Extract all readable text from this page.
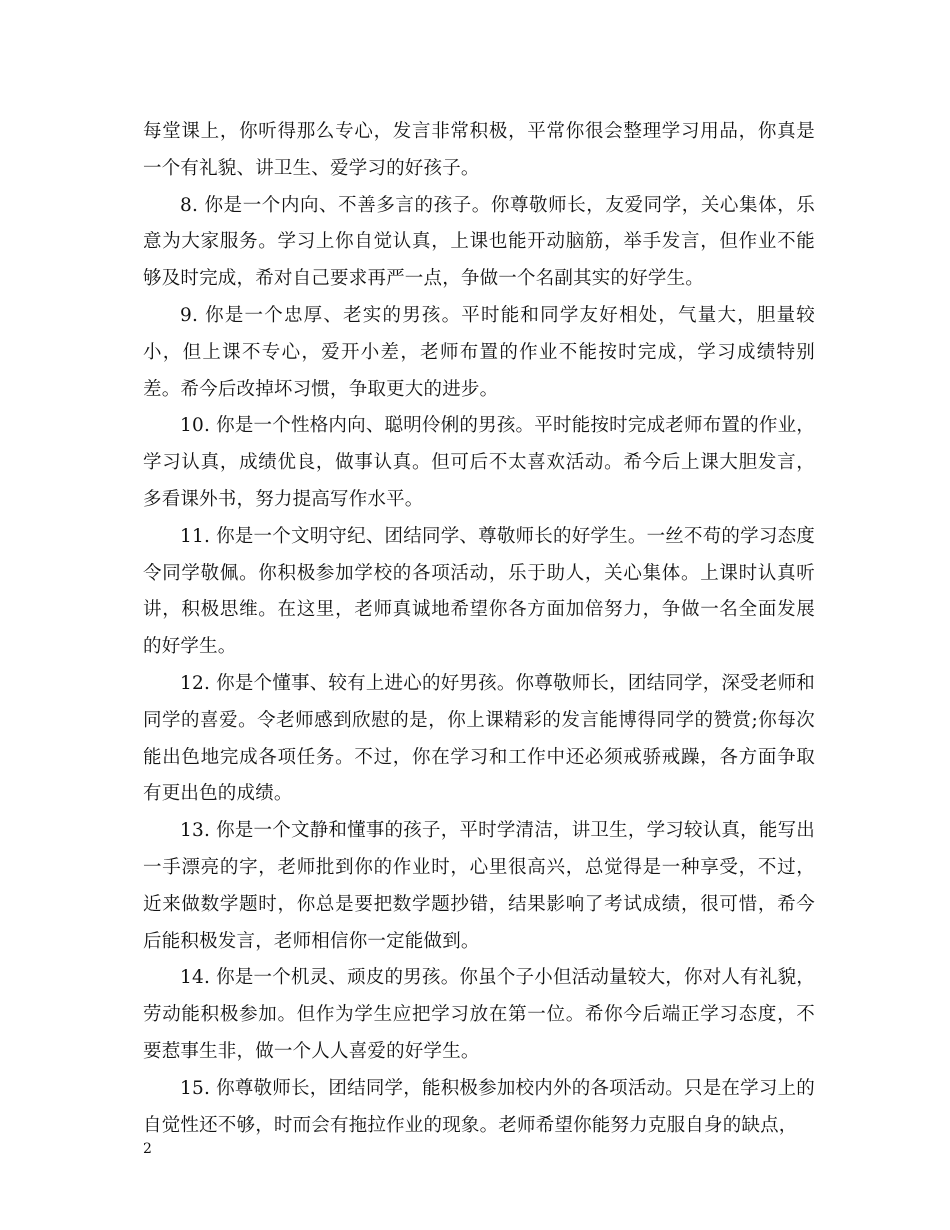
每堂课上，你听得那么专心，发言非常积极，平常你很会整理学习用品，你真是一个有礼貌、讲卫生、爱学习的好孩子。

8. 你是一个内向、不善多言的孩子。你尊敬师长，友爱同学，关心集体，乐意为大家服务。学习上你自觉认真，上课也能开动脑筋，举手发言，但作业不能够及时完成，希对自己要求再严一点，争做一个名副其实的好学生。

9. 你是一个忠厚、老实的男孩。平时能和同学友好相处，气量大，胆量较小，但上课不专心，爱开小差，老师布置的作业不能按时完成，学习成绩特别差。希今后改掉坏习惯，争取更大的进步。

10. 你是一个性格内向、聪明伶俐的男孩。平时能按时完成老师布置的作业，学习认真，成绩优良，做事认真。但可后不太喜欢活动。希今后上课大胆发言，多看课外书，努力提高写作水平。

11. 你是一个文明守纪、团结同学、尊敬师长的好学生。一丝不苟的学习态度令同学敬佩。你积极参加学校的各项活动，乐于助人，关心集体。上课时认真听讲，积极思维。在这里，老师真诚地希望你各方面加倍努力，争做一名全面发展的好学生。

12. 你是个懂事、较有上进心的好男孩。你尊敬师长，团结同学，深受老师和同学的喜爱。令老师感到欣慰的是，你上课精彩的发言能博得同学的赞赏;你每次能出色地完成各项任务。不过，你在学习和工作中还必须戒骄戒躁，各方面争取有更出色的成绩。

13. 你是一个文静和懂事的孩子，平时学清洁，讲卫生，学习较认真，能写出一手漂亮的字，老师批到你的作业时，心里很高兴，总觉得是一种享受，不过，近来做数学题时，你总是要把数学题抄错，结果影响了考试成绩，很可惜，希今后能积极发言，老师相信你一定能做到。

14. 你是一个机灵、顽皮的男孩。你虽个子小但活动量较大，你对人有礼貌，劳动能积极参加。但作为学生应把学习放在第一位。希你今后端正学习态度，不要惹事生非，做一个人人喜爱的好学生。

15. 你尊敬师长，团结同学，能积极参加校内外的各项活动。只是在学习上的自觉性还不够，时而会有拖拉作业的现象。老师希望你能努力克服自身的缺点，

2
